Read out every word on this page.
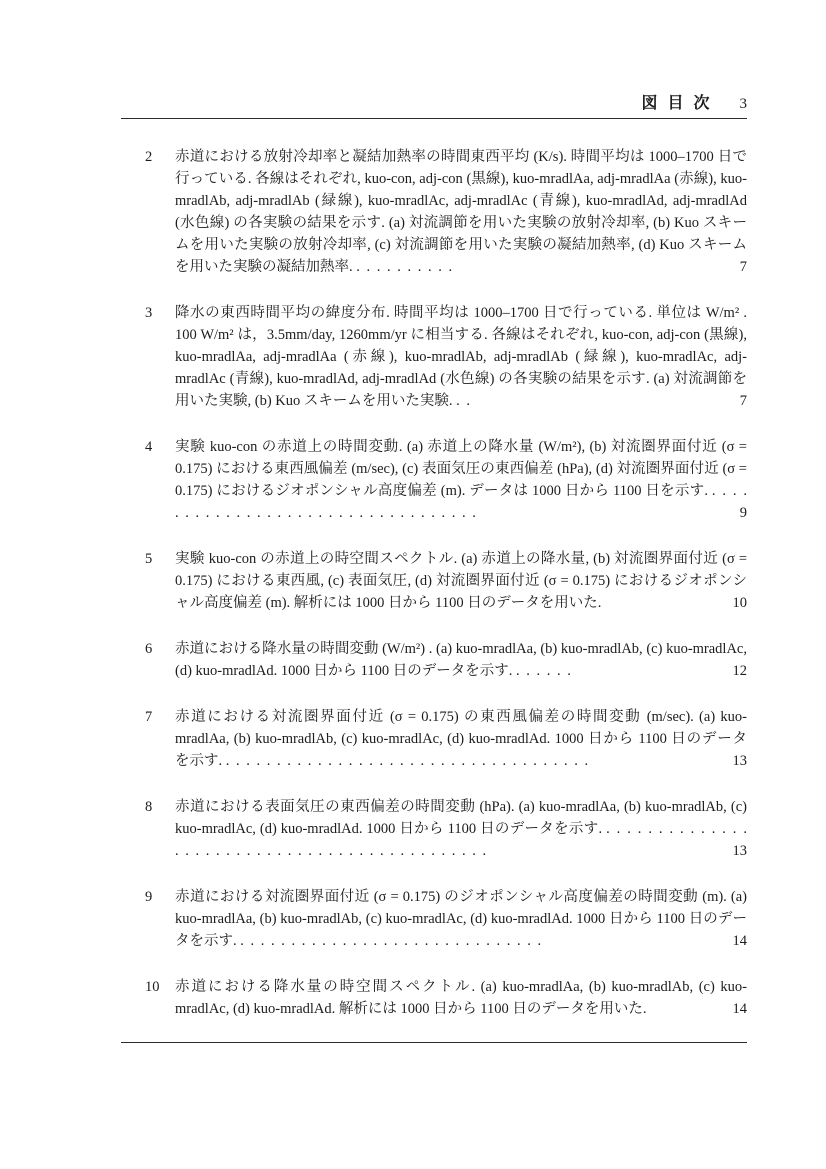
図 目 次 3
2	赤道における放射冷却率と凝結加熱率の時間東西平均 (K/s). 時間平均は 1000–1700 日で行っている. 各線はそれぞれ, kuo-con, adj-con (黒線), kuo-mradlAa, adj-mradlAa (赤線), kuo-mradlAb, adj-mradlAb (緑線), kuo-mradlAc, adj-mradlAc (青線), kuo-mradlAd, adj-mradlAd (水色線) の各実験の結果を示す. (a) 対流調節を用いた実験の放射冷却率, (b) Kuo スキームを用いた実験の放射冷却率, (c) 対流調節を用いた実験の凝結加熱率, (d) Kuo スキームを用いた実験の凝結加熱率. . . . . . . . . . .	7
3	降水の東西時間平均の緯度分布. 時間平均は 1000–1700 日で行っている. 単位は W/m² . 100 W/m² は，3.5mm/day, 1260mm/yr に相当する. 各線はそれぞれ, kuo-con, adj-con (黒線), kuo-mradlAa, adj-mradlAa (赤線), kuo-mradlAb, adj-mradlAb (緑線), kuo-mradlAc, adj-mradlAc (青線), kuo-mradlAd, adj-mradlAd (水色線) の各実験の結果を示す. (a) 対流調節を用いた実験, (b) Kuo スキームを用いた実験. . .	7
4	実験 kuo-con の赤道上の時間変動. (a) 赤道上の降水量 (W/m²), (b) 対流圏界面付近 (σ = 0.175) における東西風偏差 (m/sec), (c) 表面気圧の東西偏差 (hPa), (d) 対流圏界面付近 (σ = 0.175) におけるジオポンシャル高度偏差 (m). データは 1000 日から 1100 日を示す. . . . . . . . . . . . . . . . . . . . . . . . . . . . . . . . . . .	9
5	実験 kuo-con の赤道上の時空間スペクトル. (a) 赤道上の降水量, (b) 対流圏界面付近 (σ = 0.175) における東西風, (c) 表面気圧, (d) 対流圏界面付近 (σ = 0.175) におけるジオポンシャル高度偏差 (m). 解析には 1000 日から 1100 日のデータを用いた.	10
6	赤道における降水量の時間変動 (W/m²) . (a) kuo-mradlAa, (b) kuo-mradlAb, (c) kuo-mradlAc, (d) kuo-mradlAd. 1000 日から 1100 日のデータを示す. . . . . . .	12
7	赤道における対流圏界面付近 (σ = 0.175) の東西風偏差の時間変動 (m/sec). (a) kuo-mradlAa, (b) kuo-mradlAb, (c) kuo-mradlAc, (d) kuo-mradlAd. 1000 日から 1100 日のデータを示す. . . . . . . . . . . . . . . . . . . . . . . . . . . . . . . . . . . . .	13
8	赤道における表面気圧の東西偏差の時間変動 (hPa). (a) kuo-mradlAa, (b) kuo-mradlAb, (c) kuo-mradlAc, (d) kuo-mradlAd. 1000 日から 1100 日のデータを示す. . . . . . . . . . . . . . . . . . . . . . . . . . . . . . . . . . . . . . . . . . . . . .	13
9	赤道における対流圏界面付近 (σ = 0.175) のジオポンシャル高度偏差の時間変動 (m). (a) kuo-mradlAa, (b) kuo-mradlAb, (c) kuo-mradlAc, (d) kuo-mradlAd. 1000 日から 1100 日のデータを示す. . . . . . . . . . . . . . . . . . . . . . . . . . . . . . .	14
10	赤道における降水量の時空間スペクトル. (a) kuo-mradlAa, (b) kuo-mradlAb, (c) kuo-mradlAc, (d) kuo-mradlAd. 解析には 1000 日から 1100 日のデータを用いた.	14
